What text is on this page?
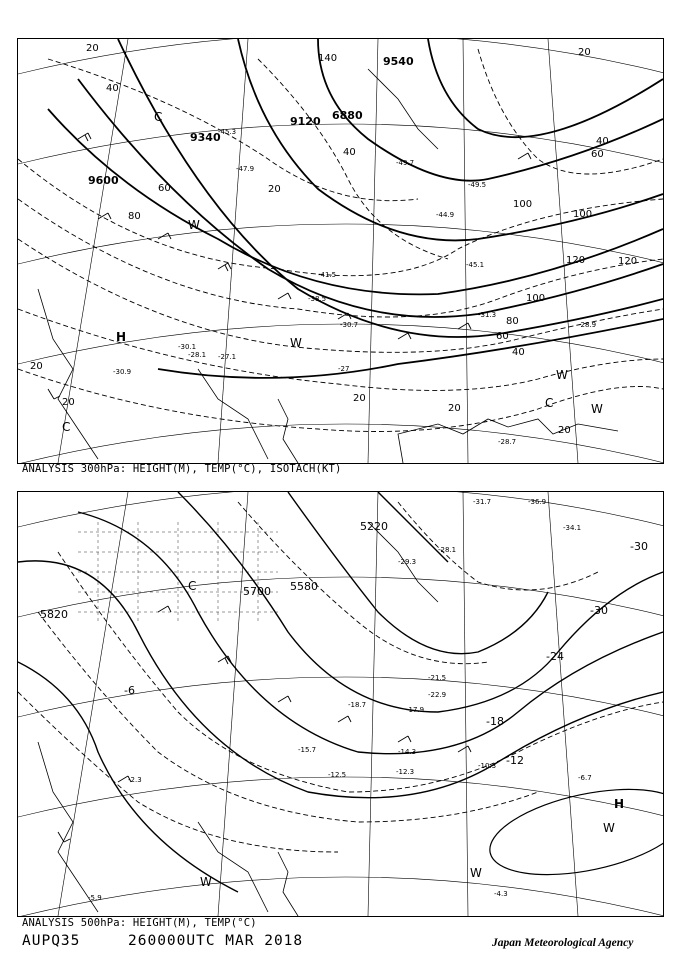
9600
9340
9120 6880
9540
20
40
60
80
100
120
140
100
80
60
40
20
20
20
20
20
40
20
60
100
120
20
40
-45.3
-47.9
-49.7
-49.5
-44.9
-45.1
-41.5
-38.5
-31.3
-30.7	-28.9
-28.7
-30.1
-27.1
-28.1
-27
-30.9
C
H
C
W
W
C	W
W
ANALYSIS 300hPa: HEIGHT(M), TEMP(°C), ISOTACH(KT)
5820
5700 5580
5220
-6
-12
-18
-24
-30
-30
-21.5
-17.9
-14.3
-12.3
-10.3
-6.7
-4.3
-2.3
-5.9
-12.5
-15.7
-18.7
-22.9
-28.1
-29.3
-31.7	-36.9
-34.1
C
H
W
W
W
ANALYSIS 500hPa: HEIGHT(M), TEMP(°C)
AUPQ35	260000UTC MAR 2018	Japan Meteorological Agency
